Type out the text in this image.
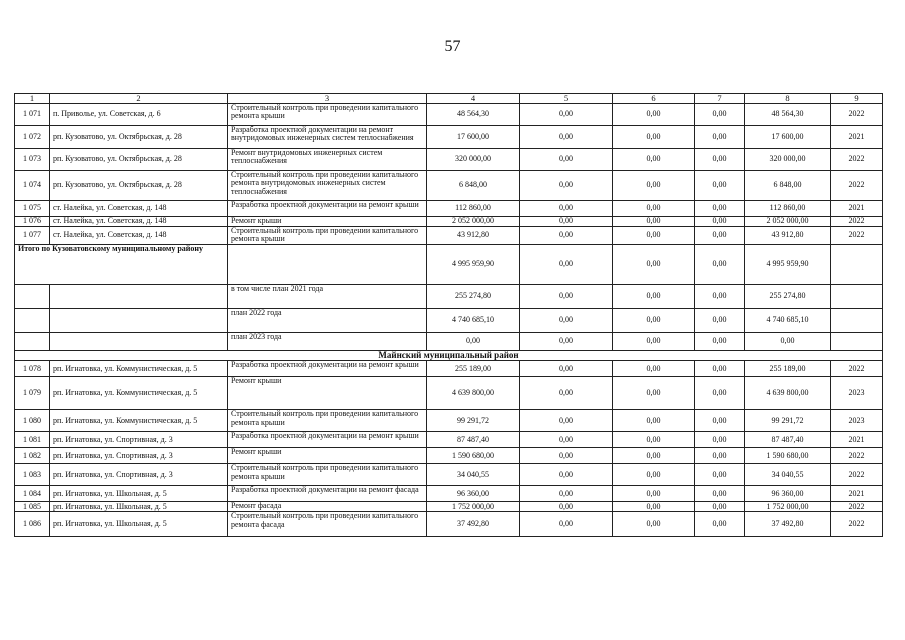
57
1	2	3	4	5	6	7	8	9
1 071	п. Приволье, ул. Советская, д. 6	Строительный контроль при проведении капитального ремонта крыши	48 564,30	0,00	0,00	0,00	48 564,30	2022
1 072	рп. Кузоватово, ул. Октябрьская, д. 28	Разработка проектной документации на ремонт внутридомовых инженерных систем теплоснабжения	17 600,00	0,00	0,00	0,00	17 600,00	2021
1 073	рп. Кузоватово, ул. Октябрьская, д. 28	Ремонт внутридомовых инженерных систем теплоснабжения	320 000,00	0,00	0,00	0,00	320 000,00	2022
1 074	рп. Кузоватово, ул. Октябрьская, д. 28	Строительный контроль при проведении капитального ремонта внутридомовых инженерных систем теплоснабжения	6 848,00	0,00	0,00	0,00	6 848,00	2022
1 075	ст. Налейка, ул. Советская, д. 148	Разработка проектной документации на ремонт крыши	112 860,00	0,00	0,00	0,00	112 860,00	2021
1 076	ст. Налейка, ул. Советская, д. 148	Ремонт крыши	2 052 000,00	0,00	0,00	0,00	2 052 000,00	2022
1 077	ст. Налейка, ул. Советская, д. 148	Строительный контроль при проведении капитального ремонта крыши	43 912,80	0,00	0,00	0,00	43 912,80	2022
Итого по Кузоватовскому муниципальному району			4 995 959,90	0,00	0,00	0,00	4 995 959,90	
		в том числе план 2021 года	255 274,80	0,00	0,00	0,00	255 274,80	
		план 2022 года	4 740 685,10	0,00	0,00	0,00	4 740 685,10	
		план 2023 года	0,00	0,00	0,00	0,00	0,00	
Майнский муниципальный район								
1 078	рп. Игнатовка, ул. Коммунистическая, д. 5	Разработка проектной документации на ремонт крыши	255 189,00	0,00	0,00	0,00	255 189,00	2022
1 079	рп. Игнатовка, ул. Коммунистическая, д. 5	Ремонт крыши	4 639 800,00	0,00	0,00	0,00	4 639 800,00	2023
1 080	рп. Игнатовка, ул. Коммунистическая, д. 5	Строительный контроль при проведении капитального ремонта крыши	99 291,72	0,00	0,00	0,00	99 291,72	2023
1 081	рп. Игнатовка, ул. Спортивная, д. 3	Разработка проектной документации на ремонт крыши	87 487,40	0,00	0,00	0,00	87 487,40	2021
1 082	рп. Игнатовка, ул. Спортивная, д. 3	Ремонт крыши	1 590 680,00	0,00	0,00	0,00	1 590 680,00	2022
1 083	рп. Игнатовка, ул. Спортивная, д. 3	Строительный контроль при проведении капитального ремонта крыши	34 040,55	0,00	0,00	0,00	34 040,55	2022
1 084	рп. Игнатовка, ул. Школьная, д. 5	Разработка проектной документации на ремонт фасада	96 360,00	0,00	0,00	0,00	96 360,00	2021
1 085	рп. Игнатовка, ул. Школьная, д. 5	Ремонт фасада	1 752 000,00	0,00	0,00	0,00	1 752 000,00	2022
1 086	рп. Игнатовка, ул. Школьная, д. 5	Строительный контроль при проведении капитального ремонта фасада	37 492,80	0,00	0,00	0,00	37 492,80	2022
